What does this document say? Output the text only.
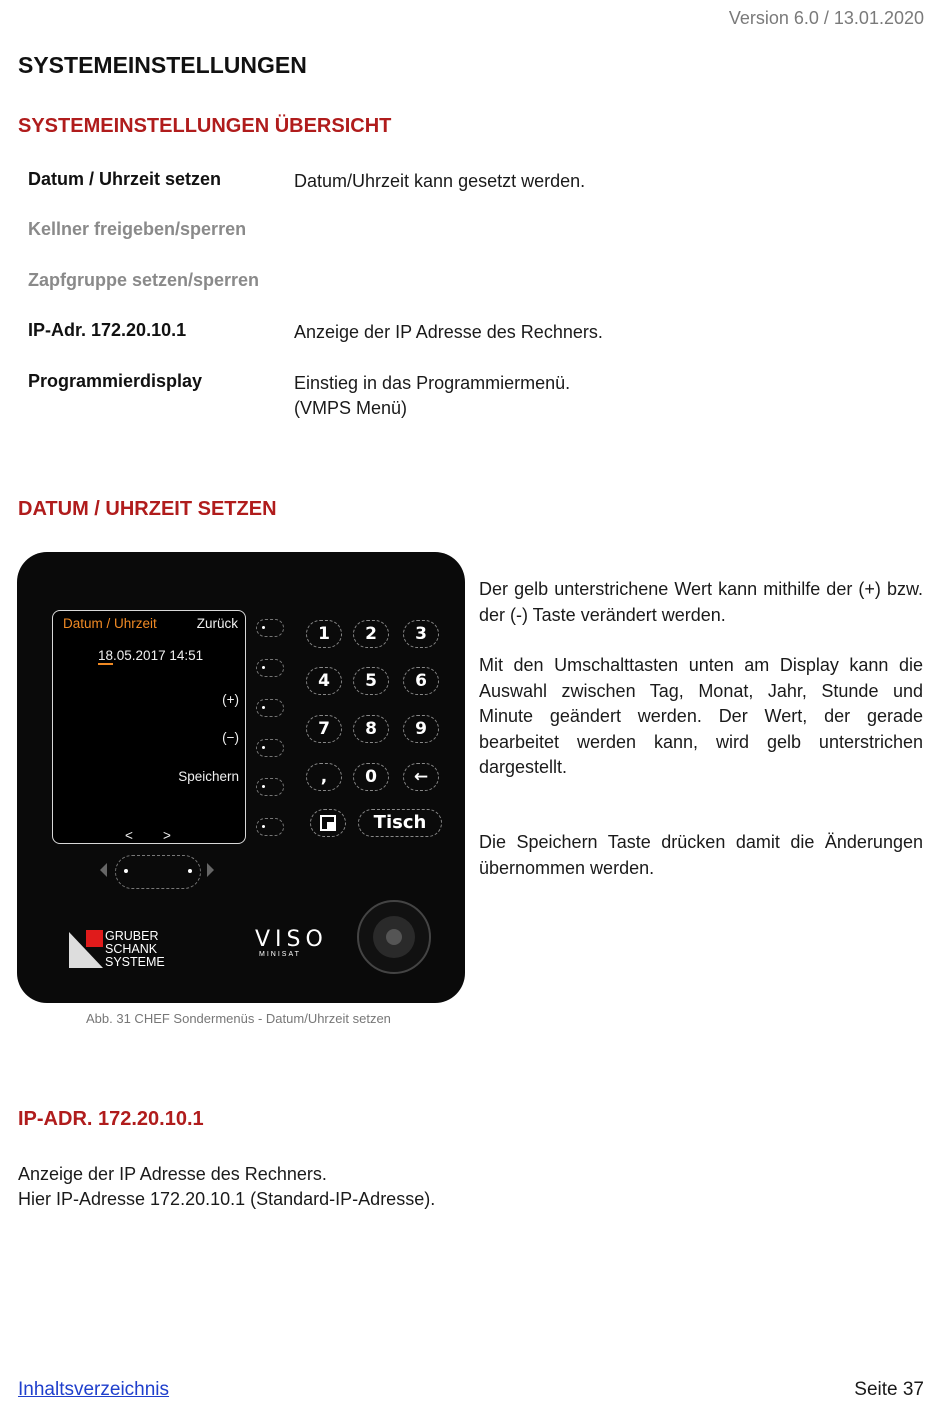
Version 6.0 / 13.01.2020
SYSTEMEINSTELLUNGEN
SYSTEMEINSTELLUNGEN ÜBERSICHT
Datum / Uhrzeit setzen	Datum/Uhrzeit kann gesetzt werden.
Kellner freigeben/sperren
Zapfgruppe setzen/sperren
IP-Adr. 172.20.10.1	Anzeige der IP Adresse des Rechners.
Programmierdisplay	Einstieg in das Programmiermenü.
(VMPS Menü)
DATUM / UHRZEIT SETZEN
Datum / Uhrzeit	Zurück
18.05.2017 14:51
(+)
(−)
Speichern
< >
1	2	3
4	5	6
7	8	9
,	0	←
Tisch
GRUBER
SCHANK
SYSTEME
VISO
MINISAT
Abb. 31 CHEF Sondermenüs - Datum/Uhrzeit setzen
Der gelb unterstrichene Wert kann mithilfe der (+) bzw. der (-) Taste verändert werden.
Mit den Umschalttasten unten am Display kann die Auswahl zwischen Tag, Monat, Jahr, Stunde und Minute geändert werden. Der Wert, der gerade bearbeitet werden kann, wird gelb unterstrichen dargestellt.
Die Speichern Taste drücken damit die Änderungen übernommen werden.
IP-ADR. 172.20.10.1
Anzeige der IP Adresse des Rechners.
Hier IP-Adresse 172.20.10.1 (Standard-IP-Adresse).
Inhaltsverzeichnis	Seite 37
